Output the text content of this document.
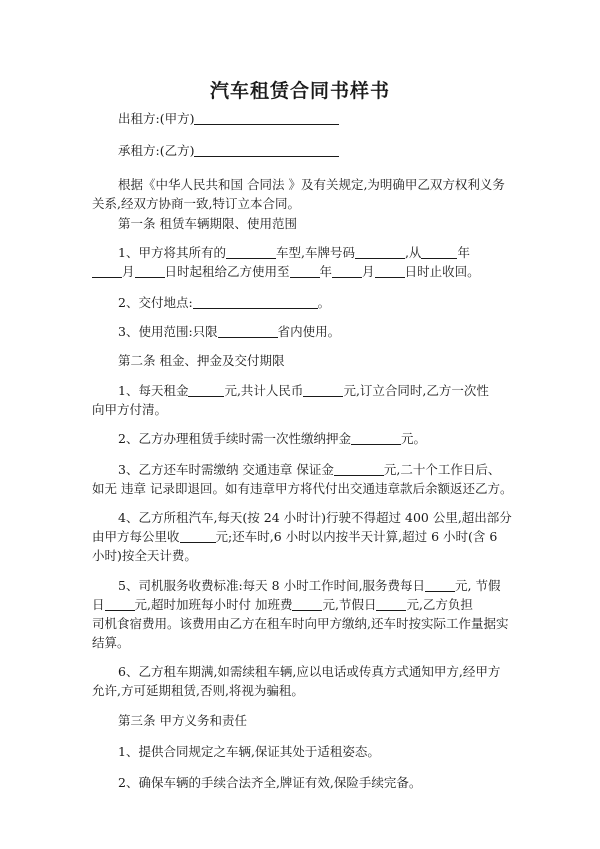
汽车租赁合同书样书
出租方:(甲方)
承租方:(乙方)
根据《中华人民共和国 合同法 》及有关规定,为明确甲乙双方权利义务
关系,经双方协商一致,特订立本合同。
第一条 租赁车辆期限、使用范围
1、甲方将其所有的	车型,车牌号码	,从	年
月 日时起租给乙方使用至 年 月 日时止收回。
2、交付地点:	。
3、使用范围:只限	省内使用。
第二条 租金、押金及交付期限
1、每天租金	元,共计人民币	元,订立合同时,乙方一次性
向甲方付清。
2、乙方办理租赁手续时需一次性缴纳押金	元。
3、乙方还车时需缴纳 交通违章 保证金	元,二十个工作日后、
如无 违章 记录即退回。如有违章甲方将代付出交通违章款后余额返还乙方。
4、乙方所租汽车,每天(按 24 小时计)行驶不得超过 400 公里,超出部分
由甲方每公里收	元;还车时,6 小时以内按半天计算,超过 6 小时(含 6
小时)按全天计费。
5、司机服务收费标准:每天 8 小时工作时间,服务费每日 元, 节假
日 元,超时加班每小时付 加班费 元,节假日 元,乙方负担
司机食宿费用。该费用由乙方在租车时向甲方缴纳,还车时按实际工作量据实
结算。
6、乙方租车期满,如需续租车辆,应以电话或传真方式通知甲方,经甲方
允许,方可延期租赁,否则,将视为骗租。
第三条 甲方义务和责任
1、提供合同规定之车辆,保证其处于适租姿态。
2、确保车辆的手续合法齐全,牌证有效,保险手续完备。
